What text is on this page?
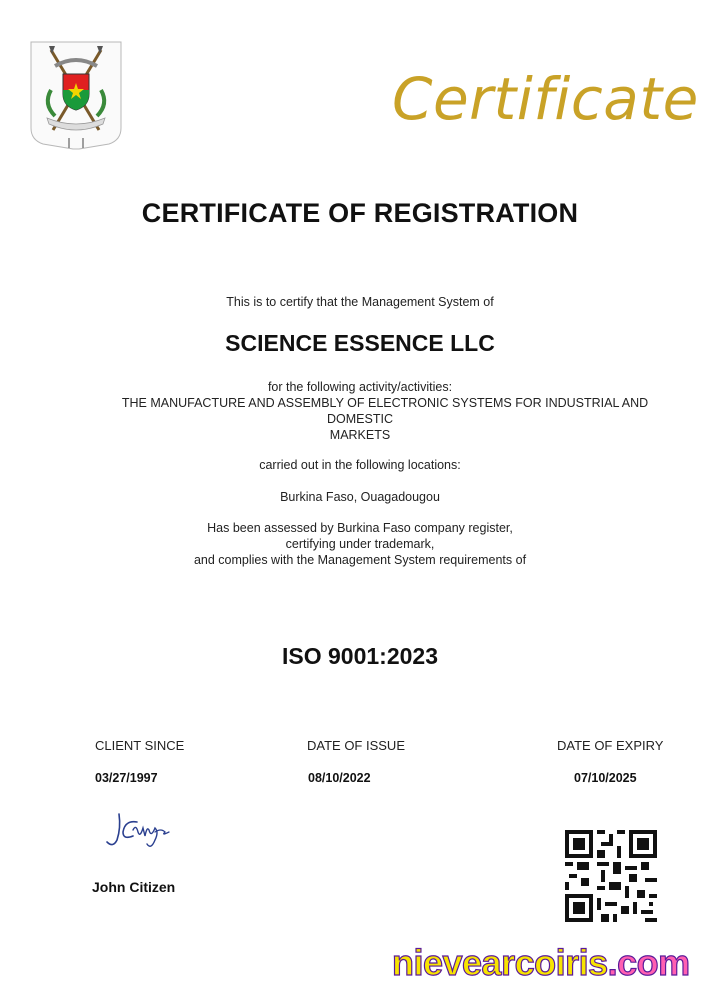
Certificate
CERTIFICATE OF REGISTRATION
This is to certify that the Management System of
SCIENCE ESSENCE LLC
for the following activity/activities:
THE MANUFACTURE AND ASSEMBLY OF ELECTRONIC SYSTEMS FOR INDUSTRIAL AND
DOMESTIC
MARKETS
carried out in the following locations:
Burkina Faso, Ouagadougou
Has been assessed by Burkina Faso company register,
certifying under trademark,
and complies with the Management System requirements of
ISO 9001:2023
CLIENT SINCE
03/27/1997
DATE OF ISSUE
08/10/2022
DATE OF EXPIRY
07/10/2025
John Citizen
nievearcoiris.com
